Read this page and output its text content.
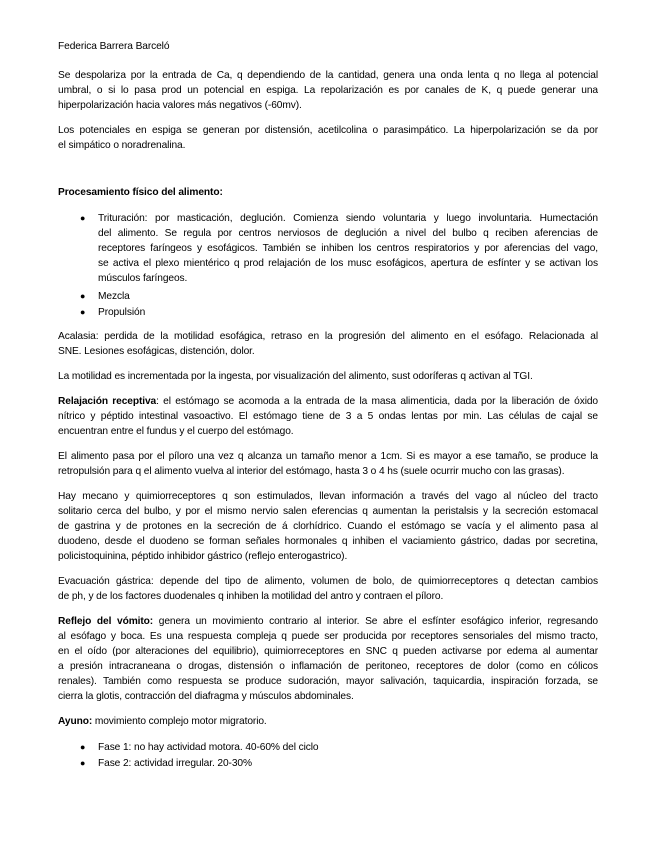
Federica Barrera Barceló
Se despolariza por la entrada de Ca, q dependiendo de la cantidad, genera una onda lenta q no llega al potencial
umbral, o si lo pasa prod un potencial en espiga. La repolarización es por canales de K, q puede generar una
hiperpolarización hacia valores más negativos (-60mv).
Los potenciales en espiga se generan por distensión, acetilcolina o parasimpático. La hiperpolarización se da por
el simpático o noradrenalina.
Procesamiento físico del alimento:
● Trituración: por masticación, deglución. Comienza siendo voluntaria y luego involuntaria. Humectación
del alimento. Se regula por centros nerviosos de deglución a nivel del bulbo q reciben aferencias de
receptores faríngeos y esofágicos. También se inhiben los centros respiratorios y por aferencias del vago,
se activa el plexo mientérico q prod relajación de los musc esofágicos, apertura de esfínter y se activan los
músculos faríngeos.
● Mezcla
● Propulsión
Acalasia: perdida de la motilidad esofágica, retraso en la progresión del alimento en el esófago. Relacionada al
SNE. Lesiones esofágicas, distención, dolor.
La motilidad es incrementada por la ingesta, por visualización del alimento, sust odoríferas q activan al TGI.
Relajación receptiva: el estómago se acomoda a la entrada de la masa alimenticia, dada por la liberación de óxido
nítrico y péptido intestinal vasoactivo. El estómago tiene de 3 a 5 ondas lentas por min. Las células de cajal se
encuentran entre el fundus y el cuerpo del estómago.
El alimento pasa por el píloro una vez q alcanza un tamaño menor a 1cm. Si es mayor a ese tamaño, se produce la
retropulsión para q el alimento vuelva al interior del estómago, hasta 3 o 4 hs (suele ocurrir mucho con las grasas).
Hay mecano y quimiorreceptores q son estimulados, llevan información a través del vago al núcleo del tracto
solitario cerca del bulbo, y por el mismo nervio salen eferencias q aumentan la peristalsis y la secreción estomacal
de gastrina y de protones en la secreción de á clorhídrico. Cuando el estómago se vacía y el alimento pasa al
duodeno, desde el duodeno se forman señales hormonales q inhiben el vaciamiento gástrico, dadas por secretina,
policistoquinina, péptido inhibidor gástrico (reflejo enterogastrico).
Evacuación gástrica: depende del tipo de alimento, volumen de bolo, de quimiorreceptores q detectan cambios
de ph, y de los factores duodenales q inhiben la motilidad del antro y contraen el píloro.
Reflejo del vómito: genera un movimiento contrario al interior. Se abre el esfínter esofágico inferior, regresando
al esófago y boca. Es una respuesta compleja q puede ser producida por receptores sensoriales del mismo tracto,
en el oído (por alteraciones del equilibrio), quimiorreceptores en SNC q pueden activarse por edema al aumentar
a presión intracraneana o drogas, distensión o inflamación de peritoneo, receptores de dolor (como en cólicos
renales). También como respuesta se produce sudoración, mayor salivación, taquicardia, inspiración forzada, se
cierra la glotis, contracción del diafragma y músculos abdominales.
Ayuno: movimiento complejo motor migratorio.
● Fase 1: no hay actividad motora. 40-60% del ciclo
● Fase 2: actividad irregular. 20-30%
